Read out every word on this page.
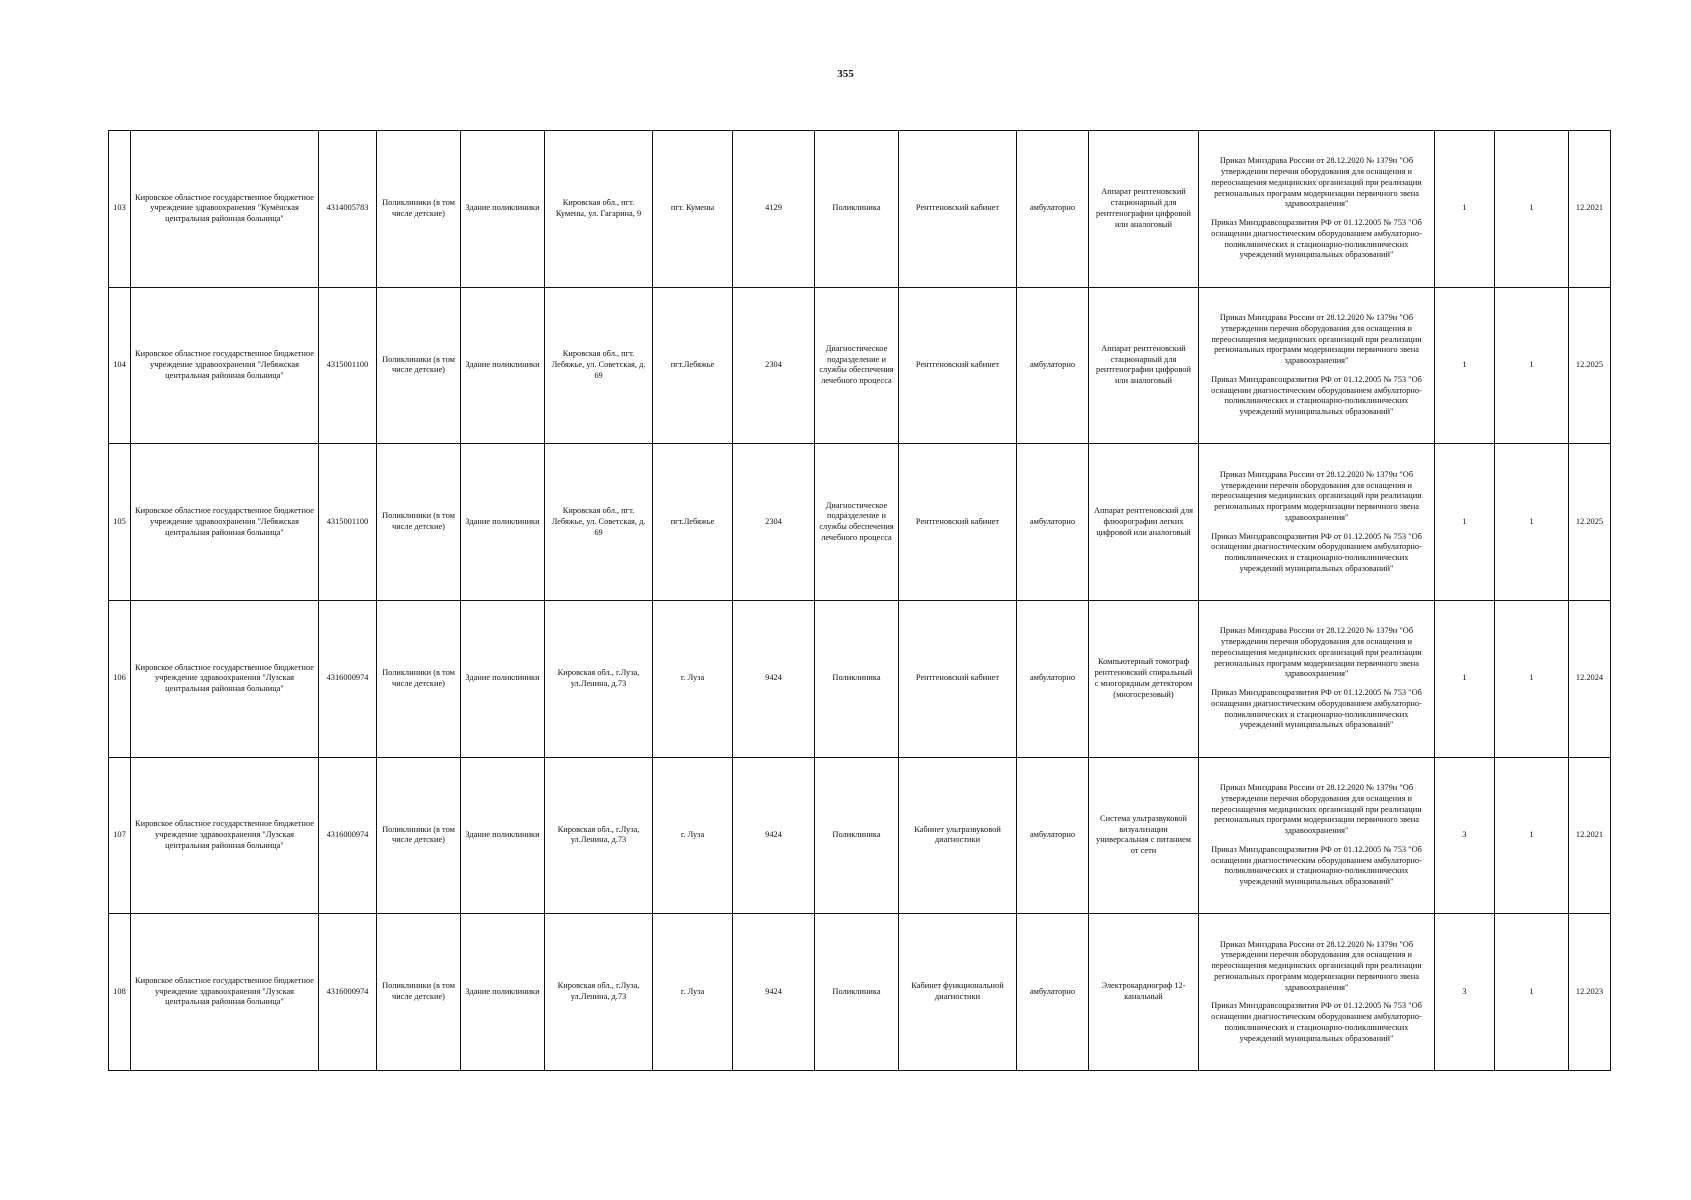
355
103	Кировское областное государственное бюджетное учреждение здравоохранения "Кумёнская центральная районная больница"	4314005783	Поликлиники (в том числе детские)	Здание поликлиники	Кировская обл., пгт. Кумены, ул. Гагарина, 9	пгт. Кумены	4129	Поликлиника	Рентгеновский кабинет	амбулаторно	Аппарат рентгеновский стационарный для рентгенографии цифровой или аналоговый	Приказ Минздрава России от 28.12.2020 № 1379н "Об утверждении перечня оборудования для оснащения и переоснащения медицинских организаций при реализации региональных программ модернизации первичного звена здравоохранения"
Приказ Минздравсоцразвития РФ от 01.12.2005 № 753 "Об оснащении диагностическим оборудованием амбулаторно-поликлинических и стационарно-поликлинических учреждений муниципальных образований"	1	1	12.2021
104	Кировское областное государственное бюджетное учреждение здравоохранения "Лебяжская центральная районная больница"	4315001100	Поликлиники (в том числе детские)	Здание поликлиники	Кировская обл., пгт. Лебяжье, ул. Советская, д. 69	пгт.Лебяжье	2304	Диагностическое подразделение и службы обеспечения лечебного процесса	Рентгеновский кабинет	амбулаторно	Аппарат рентгеновский стационарный для рентгенографии цифровой или аналоговый	Приказ Минздрава России от 28.12.2020 № 1379н "Об утверждении перечня оборудования для оснащения и переоснащения медицинских организаций при реализации региональных программ модернизации первичного звена здравоохранения"
Приказ Минздравсоцразвития РФ от 01.12.2005 № 753 "Об оснащении диагностическим оборудованием амбулаторно-поликлинических и стационарно-поликлинических учреждений муниципальных образований"	1	1	12.2025
105	Кировское областное государственное бюджетное учреждение здравоохранения "Лебяжская центральная районная больница"	4315001100	Поликлиники (в том числе детские)	Здание поликлиники	Кировская обл., пгт. Лебяжье, ул. Советская, д. 69	пгт.Лебяжье	2304	Диагностическое подразделение и службы обеспечения лечебного процесса	Рентгеновский кабинет	амбулаторно	Аппарат рентгеновский для флюорографии легких цифровой или аналоговый	Приказ Минздрава России от 28.12.2020 № 1379н "Об утверждении перечня оборудования для оснащения и переоснащения медицинских организаций при реализации региональных программ модернизации первичного звена здравоохранения"
Приказ Минздравсоцразвития РФ от 01.12.2005 № 753 "Об оснащении диагностическим оборудованием амбулаторно-поликлинических и стационарно-поликлинических учреждений муниципальных образований"	1	1	12.2025
106	Кировское областное государственное бюджетное учреждение здравоохранения "Лузская центральная районная больница"	4316000974	Поликлиники (в том числе детские)	Здание поликлиники	Кировская обл., г.Луза, ул.Ленина, д.73	г. Луза	9424	Поликлиника	Рентгеновский кабинет	амбулаторно	Компьютерный томограф рентгеновский спиральный с многорядным детектором (многосрезовый)	Приказ Минздрава России от 28.12.2020 № 1379н "Об утверждении перечня оборудования для оснащения и переоснащения медицинских организаций при реализации региональных программ модернизации первичного звена здравоохранения"
Приказ Минздравсоцразвития РФ от 01.12.2005 № 753 "Об оснащении диагностическим оборудованием амбулаторно-поликлинических и стационарно-поликлинических учреждений муниципальных образований"	1	1	12.2024
107	Кировское областное государственное бюджетное учреждение здравоохранения "Лузская центральная районная больница"	4316000974	Поликлиники (в том числе детские)	Здание поликлиники	Кировская обл., г.Луза, ул.Ленина, д.73	г. Луза	9424	Поликлиника	Кабинет ультразвуковой диагностики	амбулаторно	Система ультразвуковой визуализации универсальная с питанием от сети	Приказ Минздрава России от 28.12.2020 № 1379н "Об утверждении перечня оборудования для оснащения и переоснащения медицинских организаций при реализации региональных программ модернизации первичного звена здравоохранения"
Приказ Минздравсоцразвития РФ от 01.12.2005 № 753 "Об оснащении диагностическим оборудованием амбулаторно-поликлинических и стационарно-поликлинических учреждений муниципальных образований"	3	1	12.2021
108	Кировское областное государственное бюджетное учреждение здравоохранения "Лузская центральная районная больница"	4316000974	Поликлиники (в том числе детские)	Здание поликлиники	Кировская обл., г.Луза, ул.Ленина, д.73	г. Луза	9424	Поликлиника	Кабинет функциональной диагностики	амбулаторно	Электрокардиограф 12-канальный	Приказ Минздрава России от 28.12.2020 № 1379н "Об утверждении перечня оборудования для оснащения и переоснащения медицинских организаций при реализации региональных программ модернизации первичного звена здравоохранения"
Приказ Минздравсоцразвития РФ от 01.12.2005 № 753 "Об оснащении диагностическим оборудованием амбулаторно-поликлинических и стационарно-поликлинических учреждений муниципальных образований"	3	1	12.2023
